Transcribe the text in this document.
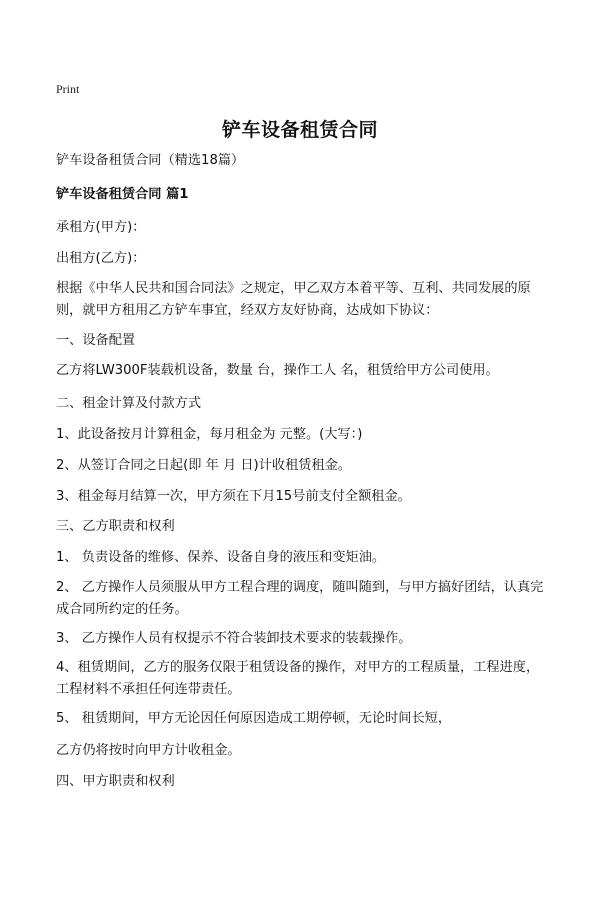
Print
铲车设备租赁合同
铲车设备租赁合同（精选18篇）
铲车设备租赁合同 篇1
承租方(甲方)：
出租方(乙方)：
根据《中华人民共和国合同法》之规定，甲乙双方本着平等、互利、共同发展的原则，就甲方租用乙方铲车事宜，经双方友好协商，达成如下协议：
一、设备配置
乙方将LW300F装载机设备，数量 台，操作工人 名，租赁给甲方公司使用。
二、租金计算及付款方式
1、此设备按月计算租金，每月租金为 元整。(大写：)
2、从签订合同之日起(即 年 月 日)计收租赁租金。
3、租金每月结算一次，甲方须在下月15号前支付全额租金。
三、乙方职责和权利
1、 负责设备的维修、保养、设备自身的液压和变矩油。
2、 乙方操作人员须服从甲方工程合理的调度，随叫随到，与甲方搞好团结，认真完成合同所约定的任务。
3、 乙方操作人员有权提示不符合装卸技术要求的装载操作。
4、租赁期间，乙方的服务仅限于租赁设备的操作，对甲方的工程质量，工程进度，工程材料不承担任何连带责任。
5、 租赁期间，甲方无论因任何原因造成工期停顿，无论时间长短，
乙方仍将按时向甲方计收租金。
四、甲方职责和权利
